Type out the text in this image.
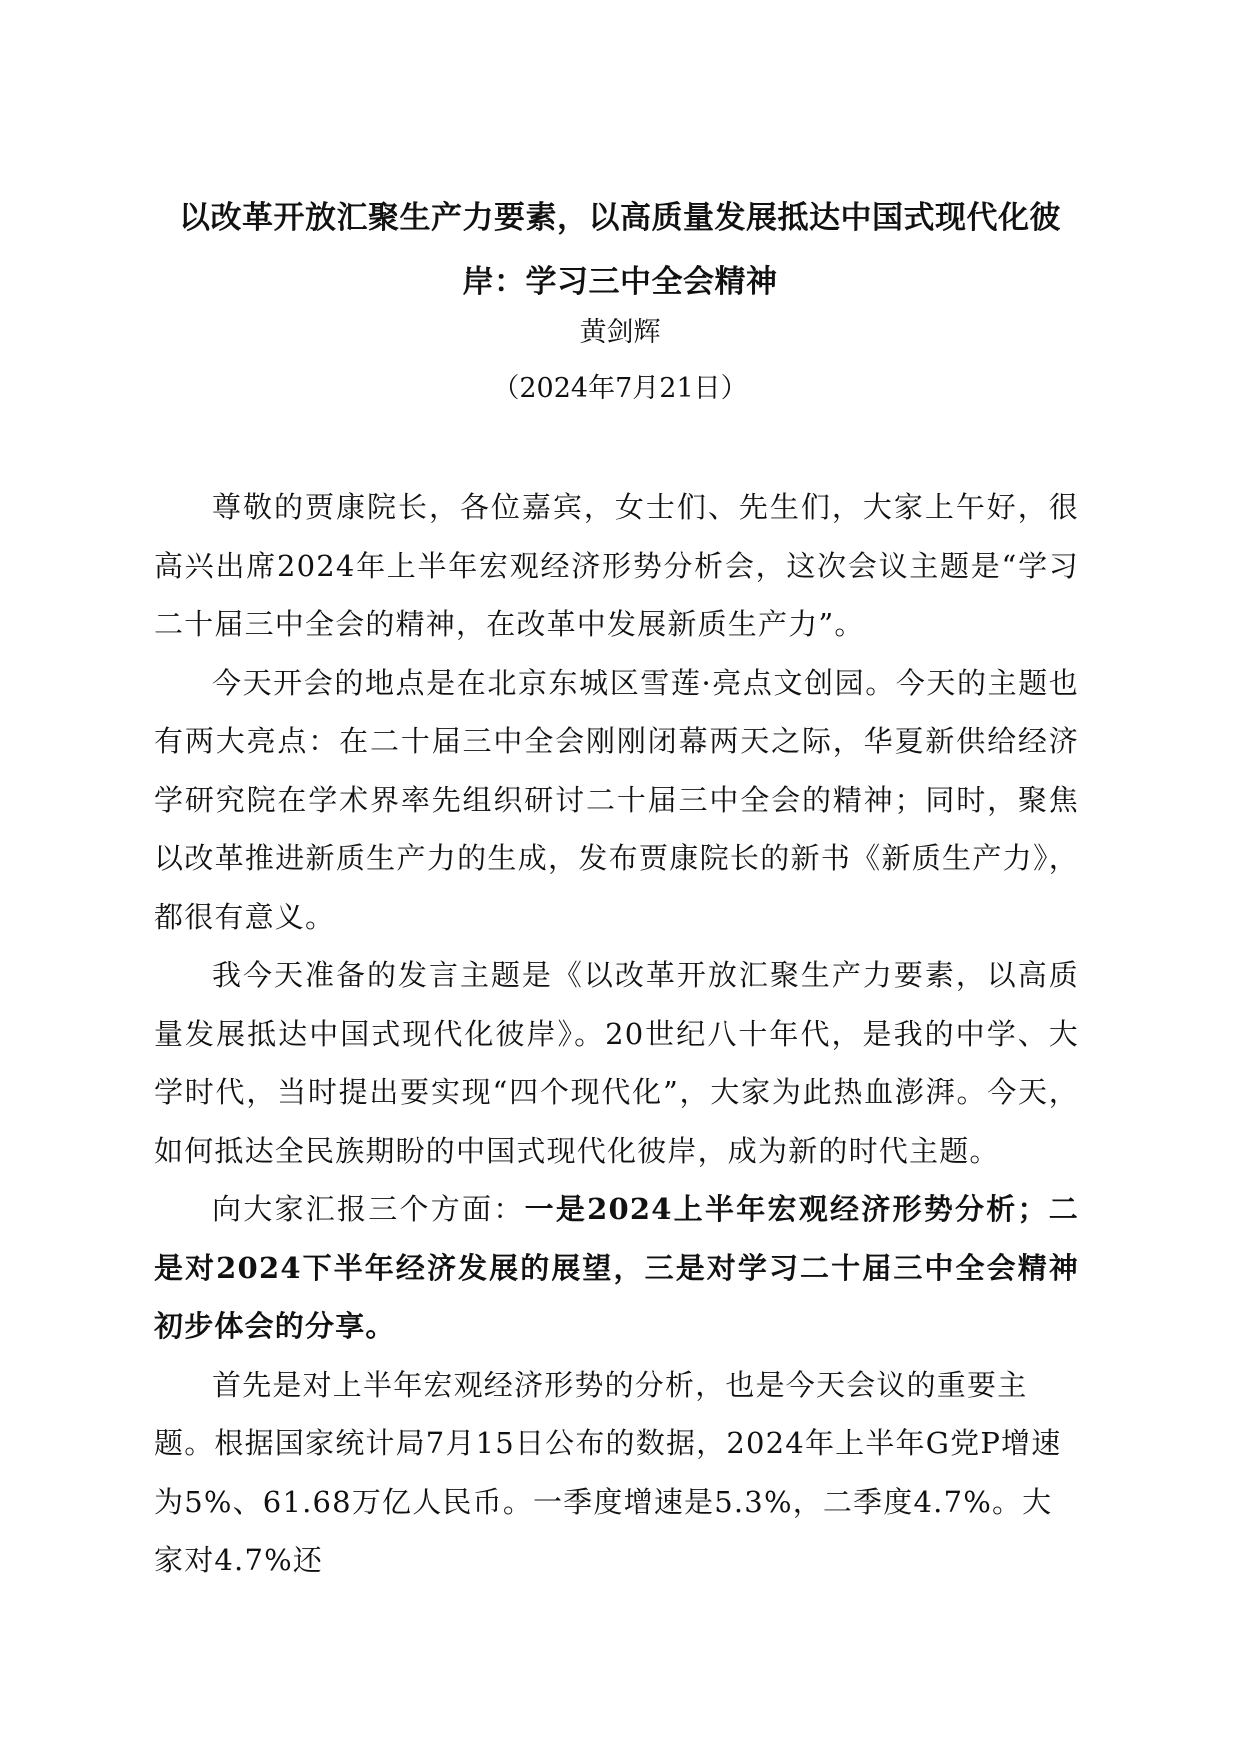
以改革开放汇聚生产力要素，以高质量发展抵达中国式现代化彼岸：学习三中全会精神
黄剑辉
（2024年7月21日）

尊敬的贾康院长，各位嘉宾，女士们、先生们，大家上午好，很高兴出席2024年上半年宏观经济形势分析会，这次会议主题是“学习二十届三中全会的精神，在改革中发展新质生产力”。

今天开会的地点是在北京东城区雪莲·亮点文创园。今天的主题也有两大亮点：在二十届三中全会刚刚闭幕两天之际，华夏新供给经济学研究院在学术界率先组织研讨二十届三中全会的精神；同时，聚焦以改革推进新质生产力的生成，发布贾康院长的新书《新质生产力》，都很有意义。

我今天准备的发言主题是《以改革开放汇聚生产力要素，以高质量发展抵达中国式现代化彼岸》。20世纪八十年代，是我的中学、大学时代，当时提出要实现“四个现代化”，大家为此热血澎湃。今天，如何抵达全民族期盼的中国式现代化彼岸，成为新的时代主题。

向大家汇报三个方面：一是2024上半年宏观经济形势分析；二是对2024下半年经济发展的展望，三是对学习二十届三中全会精神初步体会的分享。

首先是对上半年宏观经济形势的分析，也是今天会议的重要主题。根据国家统计局7月15日公布的数据，2024年上半年G党P增速为5%、61.68万亿人民币。一季度增速是5.3%，二季度4.7%。大家对4.7%还
